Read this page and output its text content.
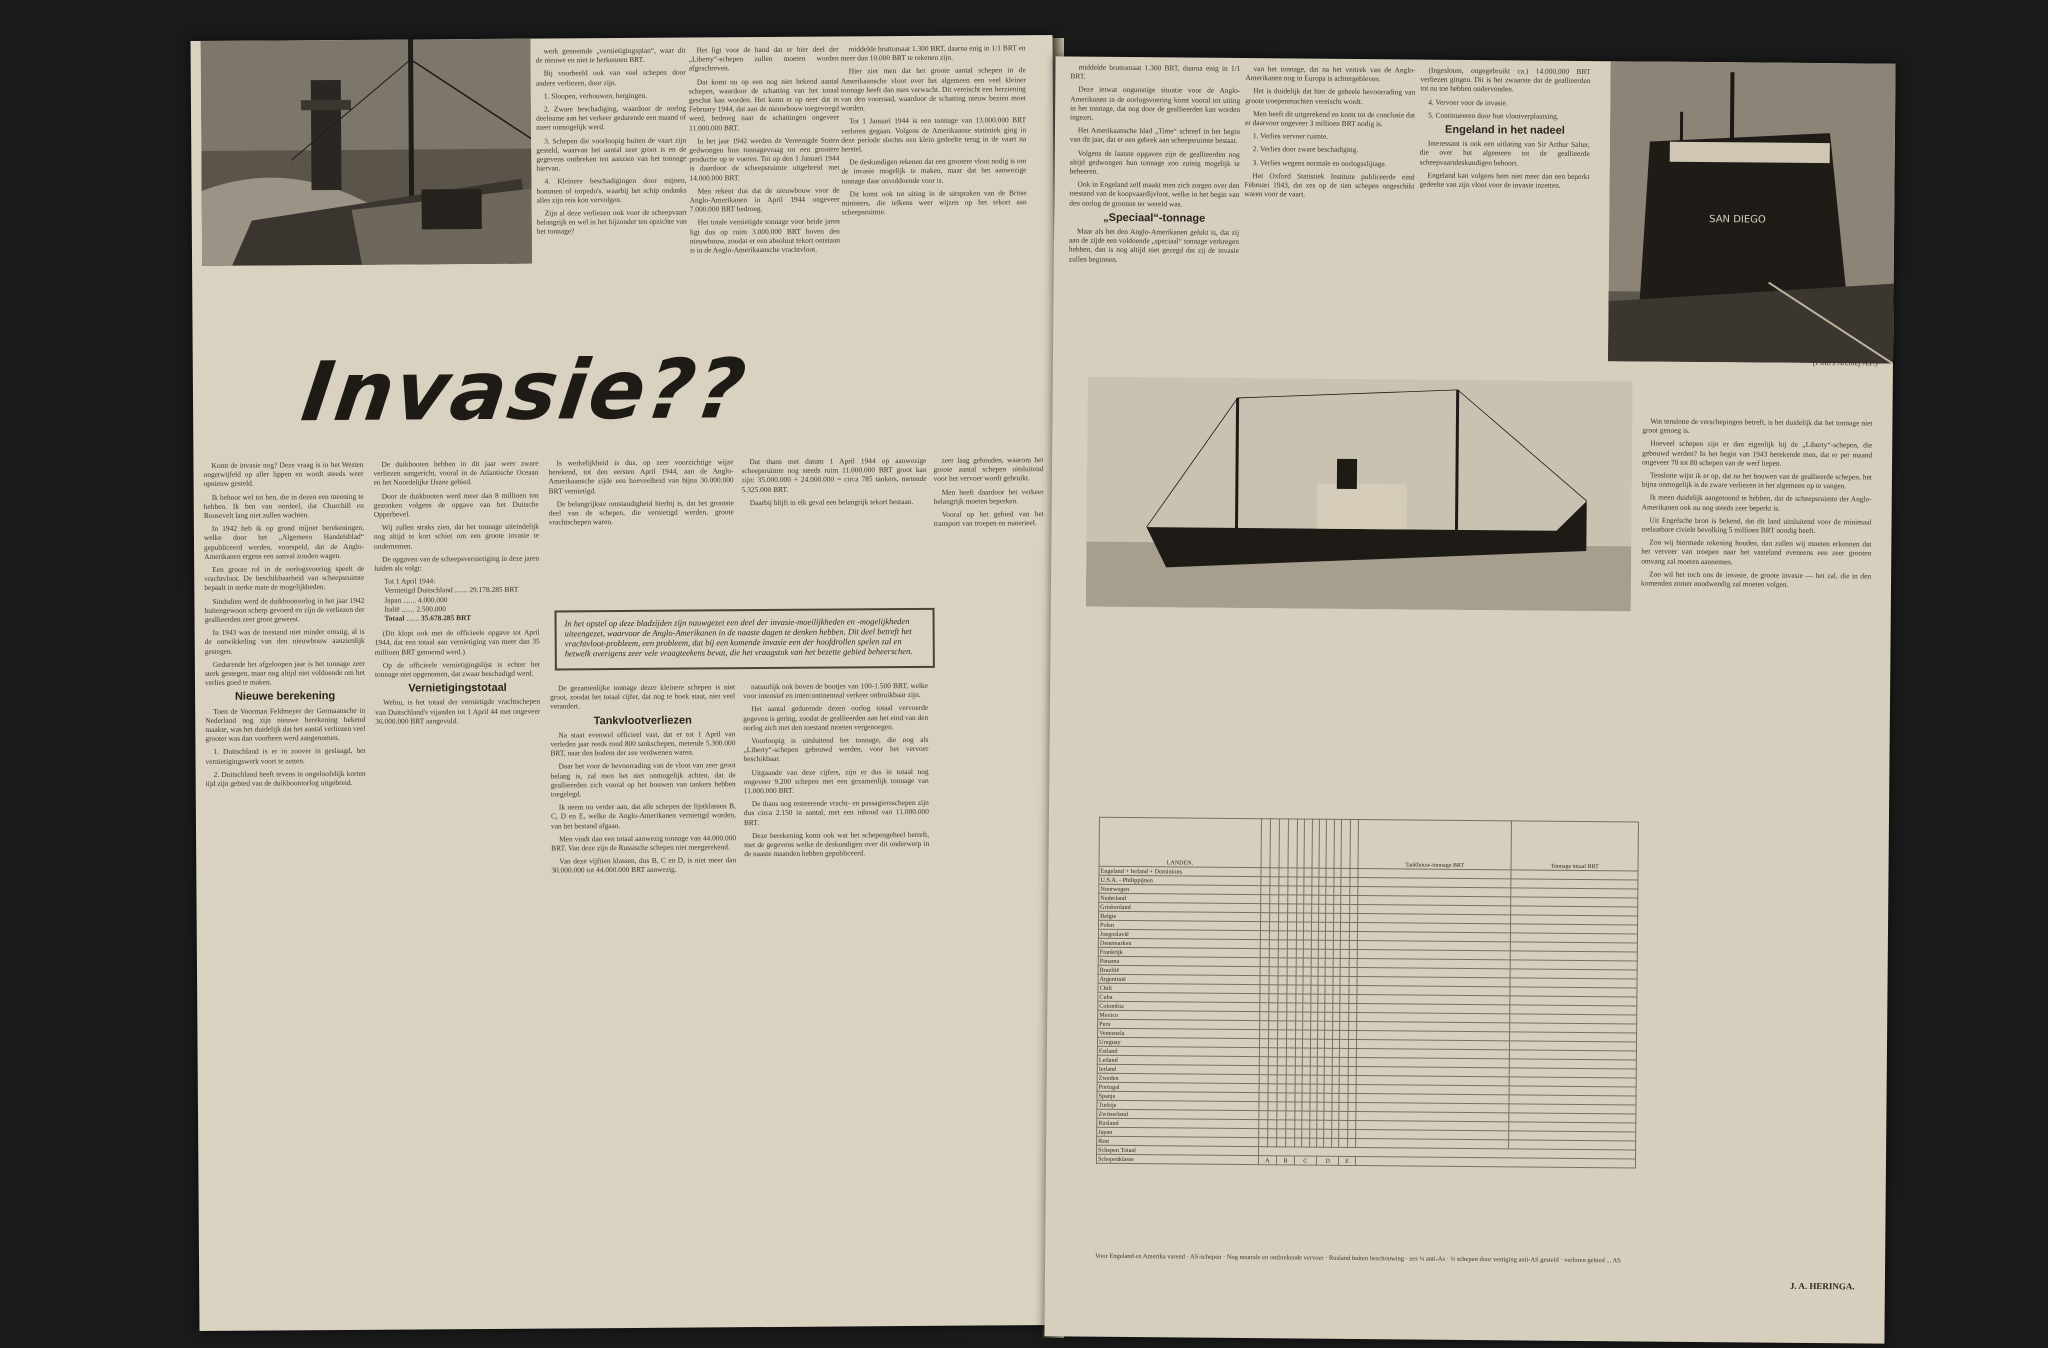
werk genoemde „vernietigingsplan“, waar dit de nieuwe en niet te herkennen BRT.

Bij voorbeeld ook van veel schepen door andere verliezen, door zijn.

1. Sloopen, verbouwen, bergingen.

2. Zware beschadiging, waardoor de oorlog deelname aan het verkeer gedurende een maand of meer onmogelijk werd.

3. Schepen die voorloopig buiten de vaart zijn gesteld, waarvan het aantal zeer groot is en de gegevens ontbreken ten aanzien van het tonnage hiervan.

4. Kleinere beschadigingen door mijnen, bommen of torpedo's, waarbij het schip ondanks alles zijn reis kon vervolgen.

Zijn al deze verliezen ook voor de scheepvaart belangrijk en wel in het bijzonder ten opzichte van het tonnage?

Het ligt voor de hand dat er hier deel der „Liberty“-schepen zullen moeten worden afgeschreven.

Dat komt nu op een nog niet bekend aantal schepen, waardoor de schatting van het totaal geschat kan worden. Het komt er op neer dat in February 1944, dat aan de nieuwbouw toegevoegd werd, bedroeg naar de schattingen ongeveer 11.000.000 BRT.

In het jaar 1942 werden de Vereenigde Staten gedwongen hun tonnagevraag tot een grootere productie op te voeren. Tot op den 1 Januari 1944 is daardoor de scheepsruimte uitgebreid met 14.000.000 BRT.

Men rekent dus dat de nieuwbouw voor de Anglo-Amerikanen in April 1944 ongeveer 7.000.000 BRT bedroeg.

Het totale vernietigde tonnage voor beide jaren ligt dus op ruim 3.000.000 BRT boven den nieuwbouw, zoodat er een absoluut tekort ontstaan is in de Anglo-Amerikaansche vrachtvloot.

middelde bruttomaat 1.300 BRT, daarna enig in 1/1 BRT en meer dan 10.000 BRT te rekenen zijn.

Hier ziet men dat het groote aantal schepen in de Amerikaansche vloot over het algemeen een veel kleiner tonnage heeft dan men verwacht. Dit vereischt een herziening van den voorraad, waardoor de schatting nieuw bezien moet worden.

Tot 1 Januari 1944 is een tonnage van 13.000.000 BRT verloren gegaan. Volgens de Amerikaanse statistiek ging in deze periode slechts een klein gedeelte terug in de vaart na herstel.

De deskundigen rekenen dat een grootere vloot nodig is om de invasie mogelijk te maken, maar dat het aanwezige tonnage daar onvoldoende voor is.

Dit komt ook tot uiting in de uitspraken van de Britse ministers, die telkens weer wijzen op het tekort aan scheepsruimte.

Invasie??

Komt de invasie nog? Deze vraag is in het Westen ongetwijfeld op aller lippen en wordt steeds weer opnieuw gesteld.

Ik behoor wel tot hen, die in dezen een meening te hebben. Ik ben van oordeel, dat Churchill en Roosevelt lang niet zullen wachten.

In 1942 heb ik op grond mijner berekeningen, welke door het „Algemeen Handelsblad“ gepubliceerd werden, voorspeld, dat de Anglo-Amerikanen ergens een aanval zouden wagen.

Een groote rol in de oorlogsvoering speelt de vrachtvloot. De beschikbaarheid van scheepsruimte bepaalt in sterke mate de mogelijkheden.

Sindsdien werd de duikbootoorlog in het jaar 1942 buitengewoon scherp gevoerd en zijn de verliezen der geallieerden zeer groot geweest.

In 1943 was de toestand niet minder ernstig, al is de ontwikkeling van den nieuwbouw aanzienlijk gestegen.

Gedurende het afgeloopen jaar is het tonnage zeer sterk gestegen, maar nog altijd niet voldoende om het verlies goed te maken.

Nieuwe berekening

Toen de Voorman Feldmeyer der Germaansche in Nederland nog zijn nieuwe berekening bekend maakte, was het duidelijk dat het aantal verliezen veel grooter was dan voorheen werd aangenomen.

1. Duitschland is er in zoover in geslaagd, het vernietigingswerk voort te zetten.

2. Duitschland heeft tevens in ongeloofelijk korten tijd zijn gebied van de duikbootoorlog uitgebreid.

De duikbooten hebben in dit jaar weer zware verliezen aangericht, vooral in de Atlantische Oceaan en het Noordelijke IJszee gebied.

Door de duikbooten werd meer dan 8 millioen ton gezonken volgens de opgave van het Duitsche Opperbevel.

Wij zullen straks zien, dat het tonnage uiteindelijk nog altijd te kort schiet om een groote invasie te ondernemen.

De opgaven van de scheepsvernietiging in deze jaren luiden als volgt:

Tot 1 April 1944:
Vernietigd Duitschland ....... 29.178.285 BRT
Japan ....... 4.000.000
Italië ....... 2.500.000
Totaal ....... 35.678.285 BRT

(Dit klopt ook met de officieele opgave tot April 1944, dat een totaal aan vernietiging van meer dan 35 millioen BRT genoemd werd.)

Op de officieele vernietigingslijst is echter het tonnage niet opgenomen, dat zwaar beschadigd werd.

Vernietigingstotaal

Welnu, is het totaal der vernietigde vrachtschepen van Duitschland's vijanden tot 1 April 44 met ongeveer 36.000.000 BRT aangevuld.

Is werkelijkheid is dus, op zeer voorzichtige wijze berekend, tot den eersten April 1944, aan de Anglo-Amerikaansche zijde een hoeveelheid van bijna 30.000.000 BRT vernietigd.

De belangrijkste omstandigheid hierbij is, dat het grootste deel van de schepen, die vernietigd werden, groote vrachtschepen waren.

Dat thans met datum 1 April 1944 op aanwezige scheepsruimte nog steeds ruim 11.000.000 BRT groot kan zijn: 35.000.000 + 24.000.000 = circa 785 tankers, metende 5.325.000 BRT.

Daarbij blijft in elk geval een belangrijk tekort bestaan.

In het opstel op deze bladzijden zijn nauwgezet een deel der invasie-moeilijkheden en -mogelijkheden uiteengezet, waarvoor de Anglo-Amerikanen in de naaste dagen te denken hebben. Dit deel betreft het vrachtvloot-probleem, een probleem, dat bij een komende invasie een der hoofdrollen spelen zal en hetwelk overigens zeer vele vraagteekens bevat, die het vraagstuk van het bezette gebied beheerschen.

De gezamenlijke tonnage dezer kleinere schepen is niet groot, zoodat het totaal cijfer, dat nog te boek staat, niet veel verandert.

Tankvlootverliezen

Na staat evenwel officieel vast, dat er tot 1 April van verleden jaar reeds rond 800 tankschepen, metende 5.300.000 BRT, naar den bodem der zee verdwenen waren.

Daar het voor de bevoorrading van de vloot van zeer groot belang is, zal men het niet onmogelijk achten, dat de geallieerden zich vooral op het bouwen van tankers hebben toegelegd.

Ik neem nu verder aan, dat alle schepen der lijstklassen B, C, D en E, welke de Anglo-Amerikanen vernietigd worden, van het bestand afgaan.

Men vindt dan een totaal aanwezig tonnage van 44.000.000 BRT. Van deze zijn de Russische schepen niet meegerekend.

Van deze vijftien klassen, dus B, C en D, is niet meer dan 30.000.000 tot 44.000.000 BRT aanwezig.

natuurlijk ook boven de bootjes van 100-1.500 BRT, welke voor intensief en intercontinentaal verkeer onbruikbaar zijn.

Het aantal gedurende dezen oorlog totaal vervoerde gegeven is gering, zoodat de geallieerden aan het eind van den oorlog zich met den toestand moeten vergenoegen.

Voorloopig is uitsluitend het tonnage, die nog als „Liberty“-schepen gebouwd werden, voor het vervoer beschikbaar.

Uitgaande van deze cijfers, zijn er dus in totaal nog ongeveer 9.200 schepen met een gezamenlijk tonnage van 11.000.000 BRT.

De thans nog resteerende vracht- en passagiersschepen zijn dus circa 2.150 in aantal, met een inhoud van 11.000.000 BRT.

Deze berekening komt ook wat het schepengeheel betreft, met de gegevens welke de deskundigen over dit onderwerp in de naaste maanden hebben gepubliceerd.

zeer laag gehouden, waarom het groote aantal schepen uitsluitend voor het vervoer wordt gebruikt.

Men heeft daardoor het verkeer belangrijk moeten beperken.

Vooral op het gebied van het transport van troepen en materieel.

middelde bruttomaat 1.300 BRT, daarna enig in 1/1 BRT.

Deze ietwat ongunstige situatie voor de Anglo-Amerikanen in de oorlogsvoering komt vooral tot uiting in het tonnage, dat nog door de geallieerden kan worden ingezet.

Het Amerikaansche blad „Time“ schreef in het begin van dit jaar, dat er een gebrek aan scheepsruimte bestaat.

Volgens de laatste opgaven zijn de geallieerden nog altijd gedwongen hun tonnage zoo zuinig mogelijk te beheeren.

Ook in Engeland zelf maakt men zich zorgen over den toestand van de koopvaardijvloot, welke in het begin van den oorlog de grootste ter wereld was.

„Speciaal“-tonnage

Maar als het den Anglo-Amerikanen gelukt is, dat zij aan de zijde een voldoende „speciaal“ tonnage verkregen hebben, dan is nog altijd niet gezegd dat zij de invasie zullen beginnen.

van het tonnage, dat na het vertrek van de Anglo-Amerikanen nog in Europa is achtergebleven.

Het is duidelijk dat hier de geheele bevoorrading van groote troepenmachten vereischt wordt.

Men heeft dit uitgerekend en komt tot de conclusie dat er daarvoor ongeveer 3 millioen BRT nodig is.

1. Verlies vervoer ruimte.

2. Verlies door zware beschadiging.

3. Verlies wegens normale en oorlogsslijtage.

Het Oxford Statistiek Institute publiceerde eind Februari 1943, dat zes op de tien schepen ongeschikt waren voor de vaart.

(Ingesloten, ongegebruikt ca.) 14.000.000 BRT verliezen gingen. Dit is het zwaarste dat de geallieerden tot nu toe hebben ondervonden.

4. Vervoer voor de invasie.

5. Continueeren door hun vlootverplaatsing.

Engeland in het nadeel

Interessant is ook een uitlating van Sir Arthur Salter, die over het algemeen tot de geallieerde scheepvaartdeskundigen behoort.

Engeland kan volgens hem niet meer dan een beperkt gedeelte van zijn vloot voor de invasie inzetten.

SAN DIEGO
(Foto's Archief A.P.)

Wat tenslotte de verschepingen betreft, is het duidelijk dat het tonnage niet groot genoeg is.

Hoeveel schepen zijn er dan eigenlijk bij de „Liberty“-schepen, die gebouwd werden? In het begin van 1943 berekende men, dat er per maand ongeveer 70 tot 80 schepen van de werf liepen.

Tenslotte wijst ik er op, dat na het bouwen van de geallieerde schepen, het bijna onmogelijk is de zware verliezen in het algemeen op te vangen.

Ik meen duidelijk aangetoond te hebben, dat de scheepsruimte der Anglo-Amerikanen ook nu nog steeds zeer beperkt is.

Uit Engelsche bron is bekend, dat dit land uitsluitend voor de minimaal toelaatbare civiele bevolking 5 millioen BRT noodig heeft.

Zoo wij hiermede rekening houden, dan zullen wij moeten erkennen dat het vervoer van troepen naar het vasteland eveneens een zeer grooten omvang zal moeten aannemen.

Zoo wil het toch ons de invasie, de groote invasie — het zal, die in den komenden zomer noodwendig zal moeten volgen.

J. A. HERINGA.
LANDEN.													Tankbouw-tonnage BRT	Tonnage totaal BRT
Engeland + Ierland + Dominions														
U.S.A. - Philippijnen														
Noorwegen														
Nederland														
Griekenland														
Belgie														
Polen														
Joegoslavië														
Denemarken														
Frankrijk														
Panama														
Brazilië														
Argentinië														
Chili														
Cuba														
Colombia														
Mexico														
Peru														
Venezuela														
Uruguay														
Estland														
Letland														
Ierland														
Zweden														
Portugal														
Spanje														
Turkije														
Zwitserland														
Rusland														
Japan														
Rest														
Schepen Totaal														
Schepenklasse	A		B		C			D			E			
Voor Engeland en Amerika varend · AS-schepen · Nog neutrale en ontbrekende vervoer · Rusland buiten beschouwing · zes ¼ anti-As · ⅓ schepen door vestiging anti-AS gesteld · verloren gebied ... AS
